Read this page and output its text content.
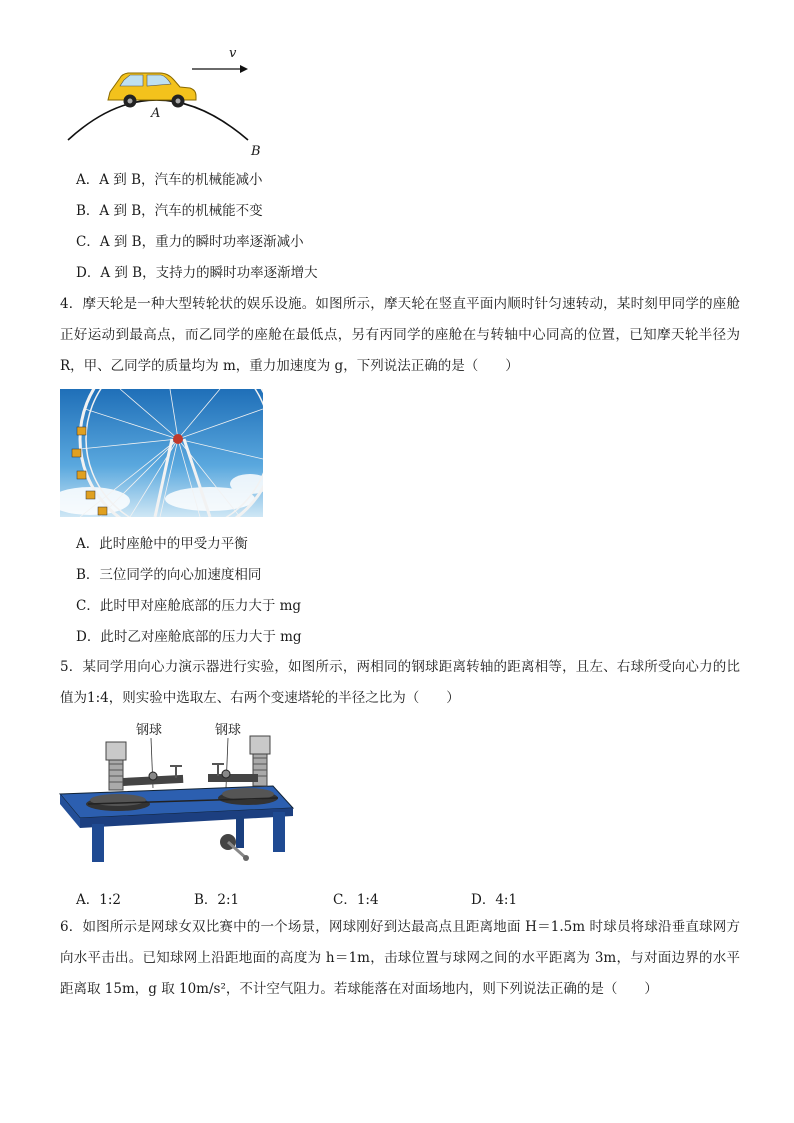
v
A
B
A．A 到 B，汽车的机械能减小
B．A 到 B，汽车的机械能不变
C．A 到 B，重力的瞬时功率逐渐减小
D．A 到 B，支持力的瞬时功率逐渐增大
4．摩天轮是一种大型转轮状的娱乐设施。如图所示，摩天轮在竖直平面内顺时针匀速转动，某时刻甲同学的座舱正好运动到最高点，而乙同学的座舱在最低点，另有丙同学的座舱在与转轴中心同高的位置，已知摩天轮半径为 R，甲、乙同学的质量均为 m，重力加速度为 g，下列说法正确的是（　　）
A．此时座舱中的甲受力平衡
B．三位同学的向心加速度相同
C．此时甲对座舱底部的压力大于 mg
D．此时乙对座舱底部的压力大于 mg
5．某同学用向心力演示器进行实验，如图所示，两相同的钢球距离转轴的距离相等，且左、右球所受向心力的比值为1:4，则实验中选取左、右两个变速塔轮的半径之比为（　　）
钢球	钢球
A．1:2	B．2:1	C．1:4	D．4:1
6．如图所示是网球女双比赛中的一个场景，网球刚好到达最高点且距离地面 H＝1.5m 时球员将球沿垂直球网方向水平击出。已知球网上沿距地面的高度为 h＝1m，击球位置与球网之间的水平距离为 3m，与对面边界的水平距离取 15m，g 取 10m/s²，不计空气阻力。若球能落在对面场地内，则下列说法正确的是（　　）
